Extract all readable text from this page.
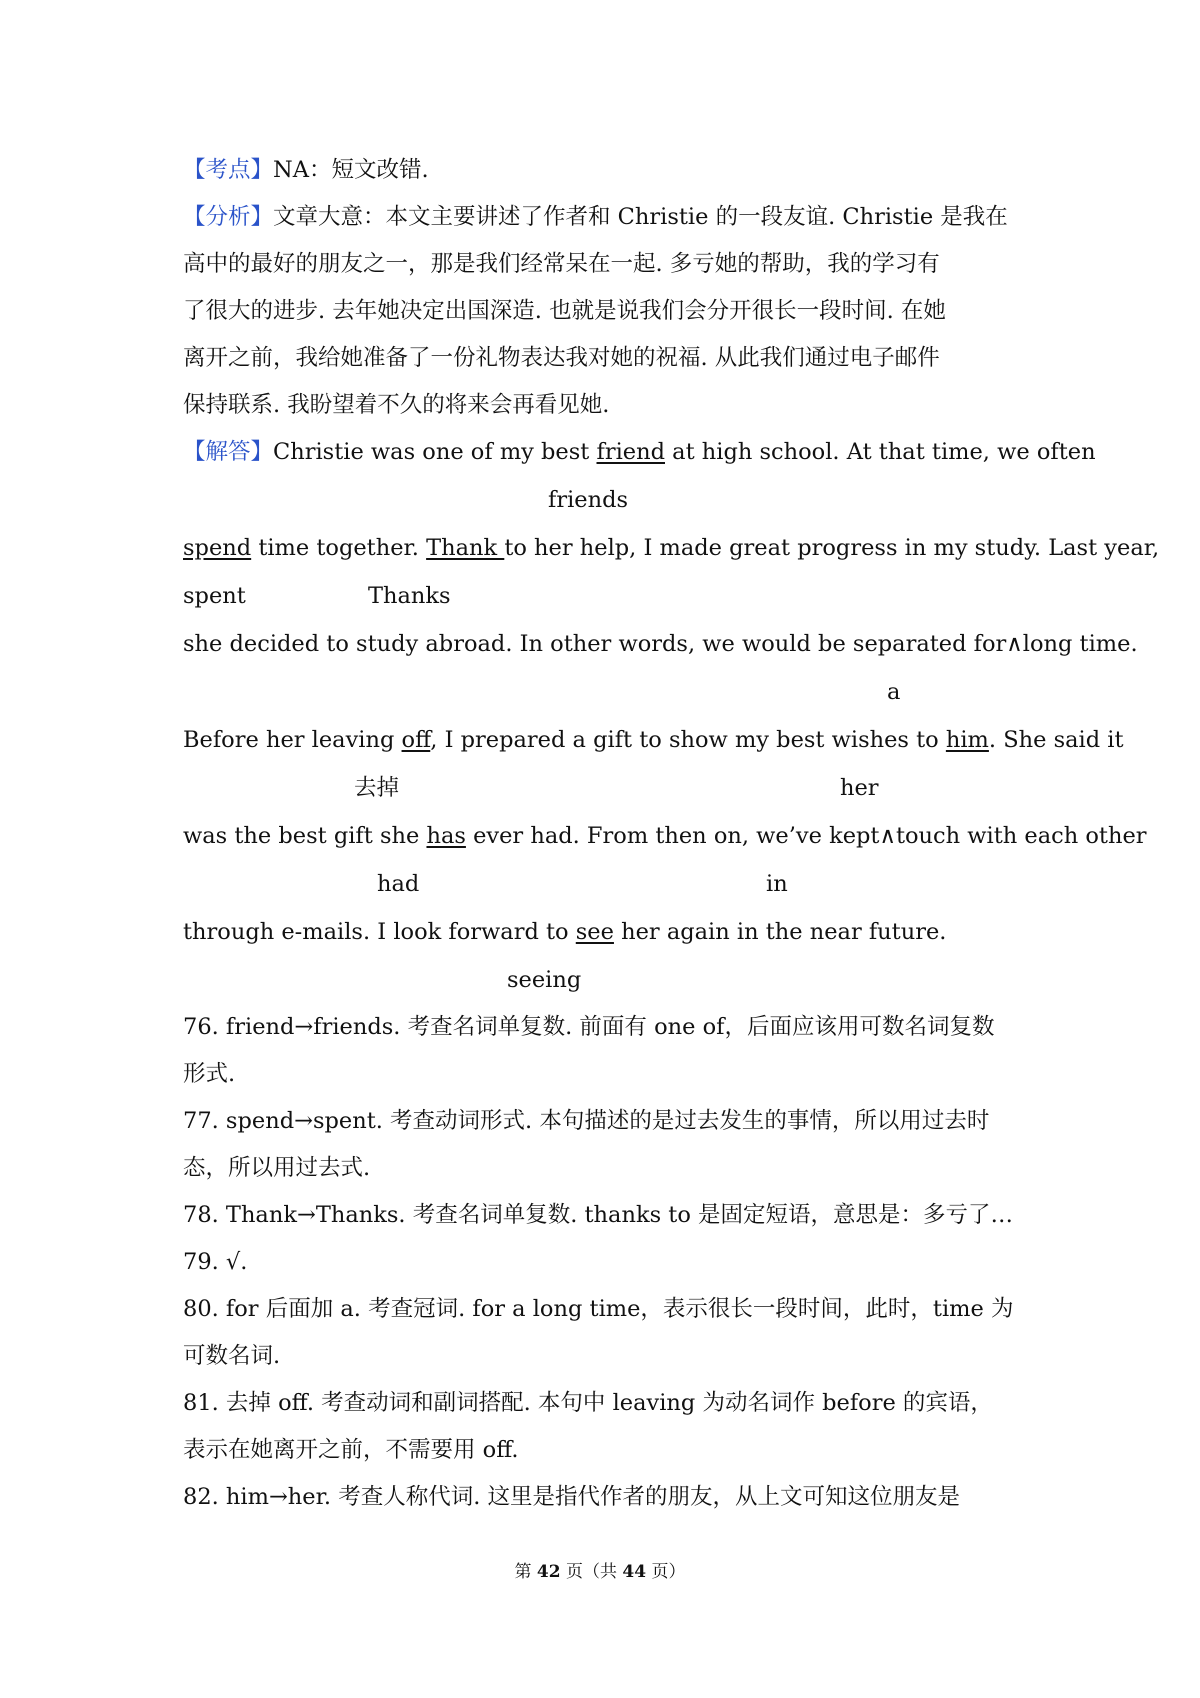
【考点】NA：短文改错.
【分析】文章大意：本文主要讲述了作者和 Christie 的一段友谊. Christie 是我在
高中的最好的朋友之一，那是我们经常呆在一起. 多亏她的帮助，我的学习有
了很大的进步. 去年她决定出国深造. 也就是说我们会分开很长一段时间. 在她
离开之前，我给她准备了一份礼物表达我对她的祝福. 从此我们通过电子邮件
保持联系. 我盼望着不久的将来会再看见她.
【解答】Christie was one of my best friend at high school. At that time, we often
friends
spend time together. Thank to her help, I made great progress in my study. Last year,
spent	Thanks
she decided to study abroad. In other words, we would be separated for∧long time.
a
Before her leaving off, I prepared a gift to show my best wishes to him. She said it
去掉	her
was the best gift she has ever had. From then on, we’ve kept∧touch with each other
had	in
through e-mails. I look forward to see her again in the near future.
seeing
76. friend→friends. 考查名词单复数. 前面有 one of，后面应该用可数名词复数
形式.
77. spend→spent. 考查动词形式. 本句描述的是过去发生的事情，所以用过去时
态，所以用过去式.
78. Thank→Thanks. 考查名词单复数. thanks to 是固定短语，意思是：多亏了…
79. √.
80. for 后面加 a. 考查冠词. for a long time，表示很长一段时间，此时，time 为
可数名词.
81. 去掉 off. 考查动词和副词搭配. 本句中 leaving 为动名词作 before 的宾语，
表示在她离开之前，不需要用 off.
82. him→her. 考查人称代词. 这里是指代作者的朋友，从上文可知这位朋友是
第 42 页（共 44 页）
